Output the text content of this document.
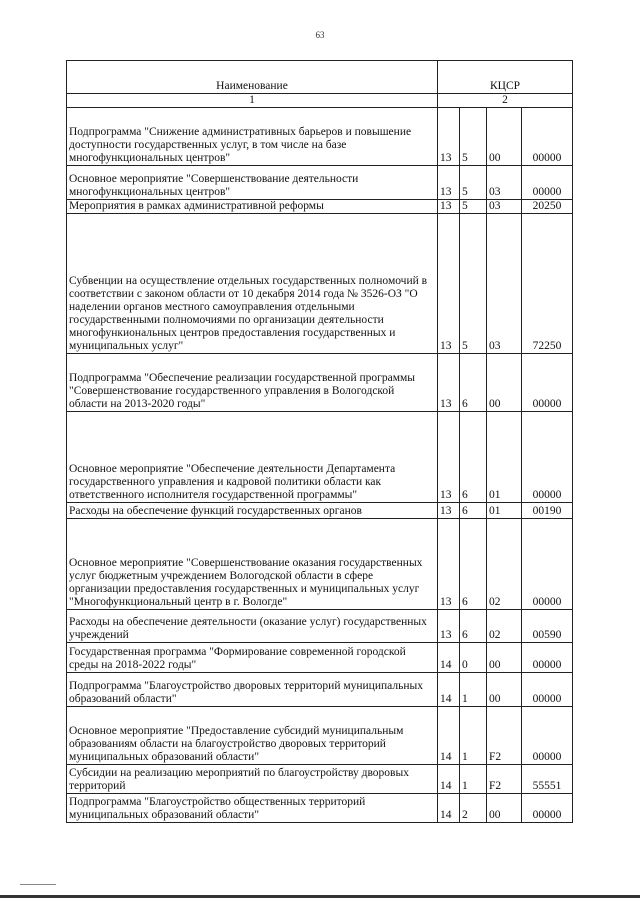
63
Наименование	КЦСР			
1	2			
Подпрограмма "Снижение административных барьеров и повышение доступности государственных услуг, в том числе на базе многофункциональных центров"	13	5	00	00000
Основное мероприятие "Совершенствование деятельности многофункциональных центров"	13	5	03	00000
Мероприятия в рамках административной реформы	13	5	03	20250
Субвенции на осуществление отдельных государственных полномочий в соответствии с законом области от 10 декабря 2014 года № 3526-ОЗ "О наделении органов местного самоуправления отдельными государственными полномочиями по организации деятельности многофункиональных центров предоставления государственных и муниципальных услуг"	13	5	03	72250
Подпрограмма "Обеспечение реализации государственной программы "Совершенствование государственного управления в Вологодской области на 2013-2020 годы"	13	6	00	00000
Основное мероприятие "Обеспечение деятельности Департамента государственного управления и кадровой политики области как ответственного исполнителя государственной программы"	13	6	01	00000
Расходы на обеспечение функций государственных органов	13	6	01	00190
Основное мероприятие "Совершенствование оказания государственных услуг бюджетным учреждением Вологодской области в сфере организации предоставления государственных и муниципальных услуг "Многофункциональный центр в г. Вологде"	13	6	02	00000
Расходы на обеспечение деятельности (оказание услуг) государственных учреждений	13	6	02	00590
Государственная программа "Формирование современной городской среды на 2018-2022 годы"	14	0	00	00000
Подпрограмма "Благоустройство дворовых территорий муниципальных образований области"	14	1	00	00000
Основное мероприятие "Предоставление субсидий муниципальным образованиям области на благоустройство дворовых территорий муниципальных образований области"	14	1	F2	00000
Субсидии на реализацию мероприятий по благоустройству дворовых территорий	14	1	F2	55551
Подпрограмма "Благоустройство общественных территорий муниципальных образований области"	14	2	00	00000
